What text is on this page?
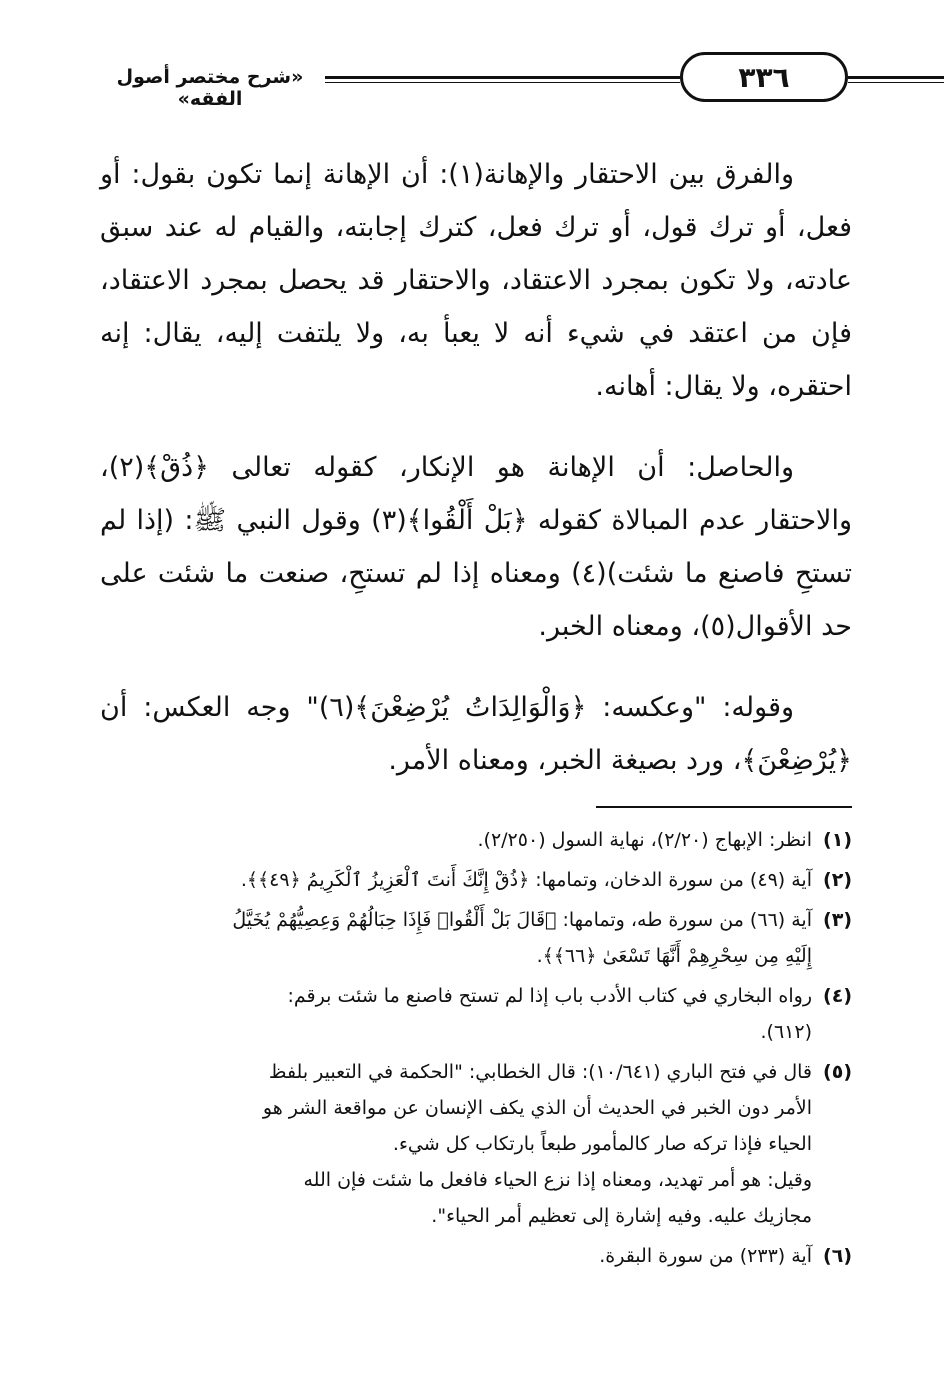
«شرح مختصر أصول الفقه»
٣٣٦

والفرق بين الاحتقار والإهانة(١): أن الإهانة إنما تكون بقول: أو فعل، أو ترك قول، أو ترك فعل، كترك إجابته، والقيام له عند سبق عادته، ولا تكون بمجرد الاعتقاد، والاحتقار قد يحصل بمجرد الاعتقاد، فإن من اعتقد في شيء أنه لا يعبأ به، ولا يلتفت إليه، يقال: إنه احتقره، ولا يقال: أهانه.

والحاصل: أن الإهانة هو الإنكار، كقوله تعالى ﴿ذُقْ﴾(٢)، والاحتقار عدم المبالاة كقوله ﴿بَلْ أَلْقُوا﴾(٣) وقول النبي ﷺ: (إذا لم تستحِ فاصنع ما شئت)(٤) ومعناه إذا لم تستحِ، صنعت ما شئت على حد الأقوال(٥)، ومعناه الخبر.

وقوله: "وعكسه: ﴿وَالْوَالِدَاتُ يُرْضِعْنَ﴾(٦)" وجه العكس: أن ﴿يُرْضِعْنَ﴾، ورد بصيغة الخبر، ومعناه الأمر.

(١)
انظر: الإبهاج (٢/٢٠)، نهاية السول (٢/٢٥٠).
(٢)
آية (٤٩) من سورة الدخان، وتمامها: ﴿ذُقْ إِنَّكَ أَنتَ ٱلْعَزِيزُ ٱلْكَرِيمُ ﴿٤٩﴾﴾.
(٣)
آية (٦٦) من سورة طه، وتمامها: ﴿قَالَ بَلْ أَلْقُوا۟ فَإِذَا حِبَالُهُمْ وَعِصِيُّهُمْ يُخَيَّلُ
إِلَيْهِ مِن سِحْرِهِمْ أَنَّهَا تَسْعَىٰ ﴿٦٦﴾﴾.
(٤)
رواه البخاري في كتاب الأدب باب إذا لم تستح فاصنع ما شئت برقم:
(٦١٢).
(٥)
قال في فتح الباري (١٠/٦٤١): قال الخطابي: "الحكمة في التعبير بلفظ
الأمر دون الخبر في الحديث أن الذي يكف الإنسان عن مواقعة الشر هو
الحياء فإذا تركه صار كالمأمور طبعاً بارتكاب كل شيء.
وقيل: هو أمر تهديد، ومعناه إذا نزع الحياء فافعل ما شئت فإن الله
مجازيك عليه. وفيه إشارة إلى تعظيم أمر الحياء".
(٦)
آية (٢٣٣) من سورة البقرة.
